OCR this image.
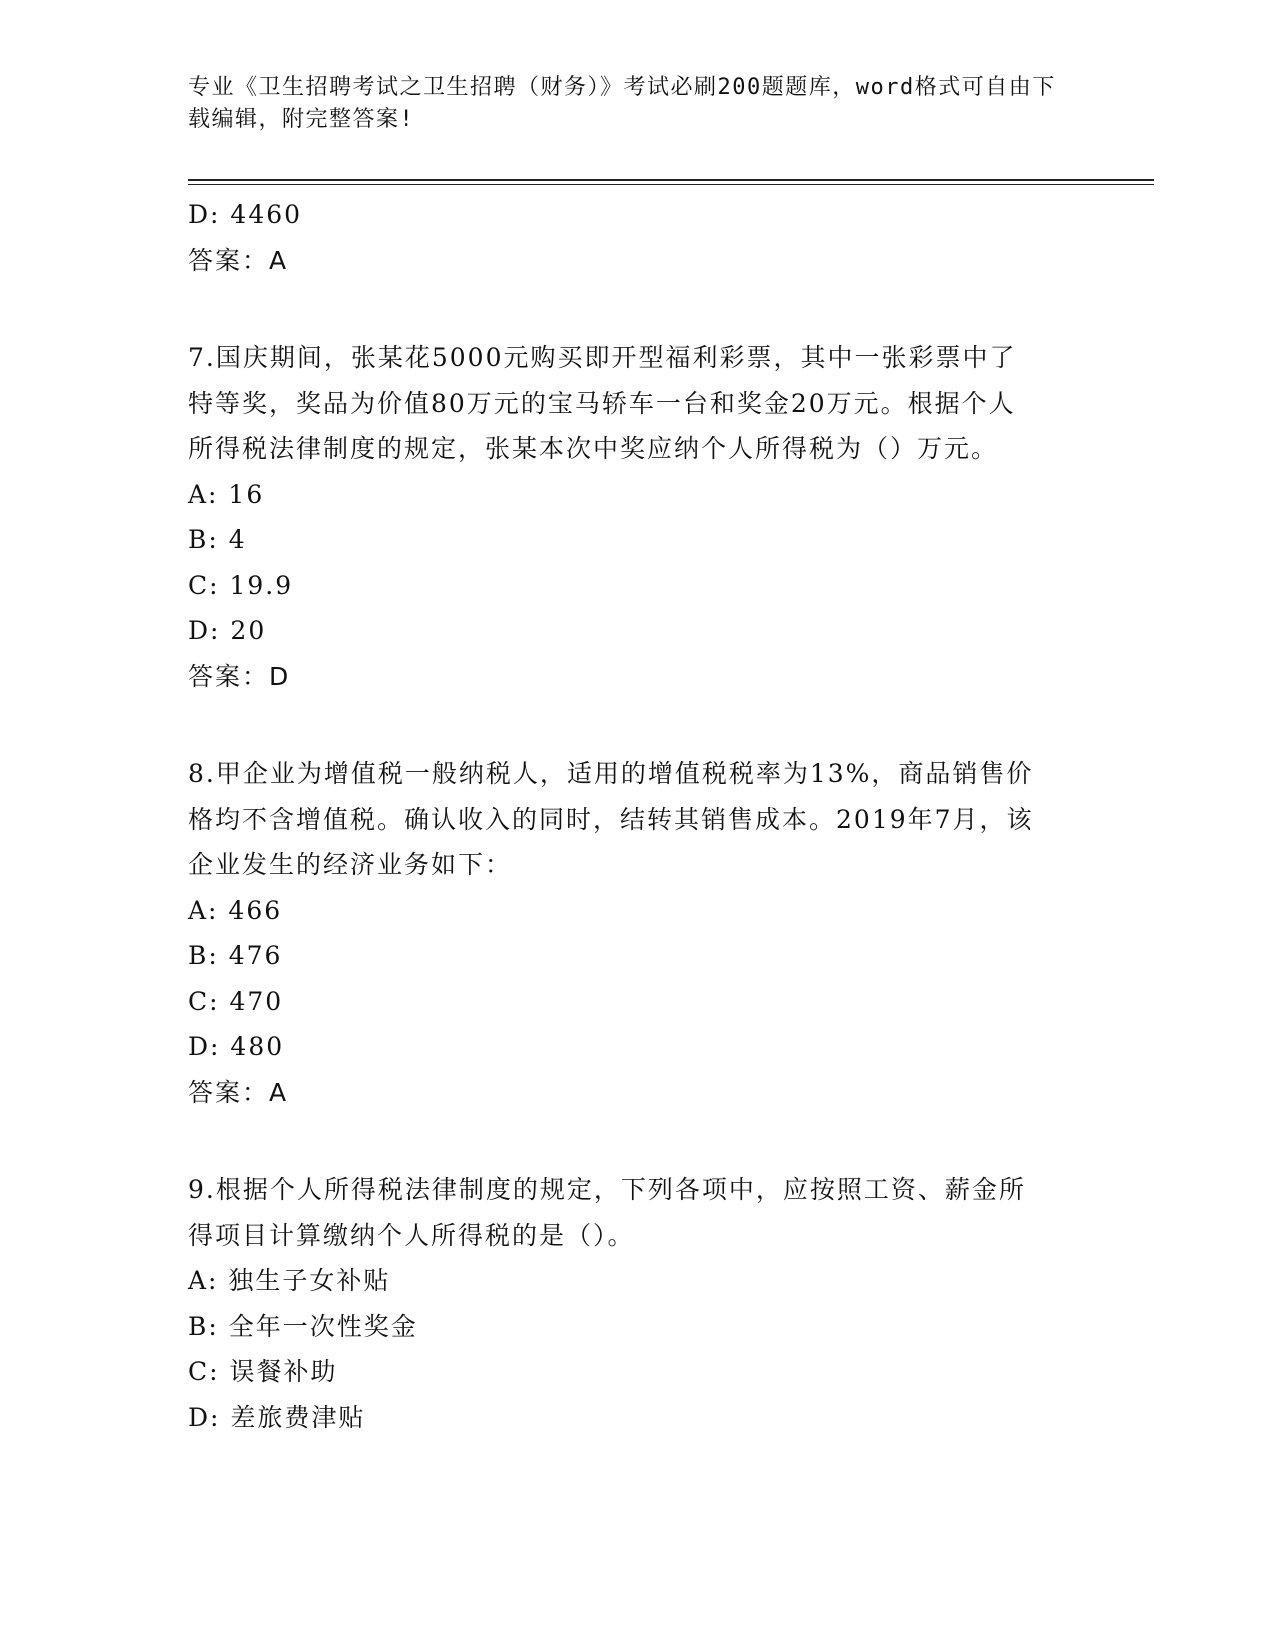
专业《卫生招聘考试之卫生招聘（财务）》考试必刷200题题库，word格式可自由下载编辑，附完整答案!
D: 4460
答案：A
7.国庆期间，张某花5000元购买即开型福利彩票，其中一张彩票中了特等奖，奖品为价值80万元的宝马轿车一台和奖金20万元。根据个人所得税法律制度的规定，张某本次中奖应纳个人所得税为（）万元。
A: 16
B: 4
C: 19.9
D: 20
答案：D
8.甲企业为增值税一般纳税人，适用的增值税税率为13%，商品销售价格均不含增值税。确认收入的同时，结转其销售成本。2019年7月，该企业发生的经济业务如下：
A: 466
B: 476
C: 470
D: 480
答案：A
9.根据个人所得税法律制度的规定，下列各项中，应按照工资、薪金所得项目计算缴纳个人所得税的是（）。
A: 独生子女补贴
B: 全年一次性奖金
C: 误餐补助
D: 差旅费津贴
